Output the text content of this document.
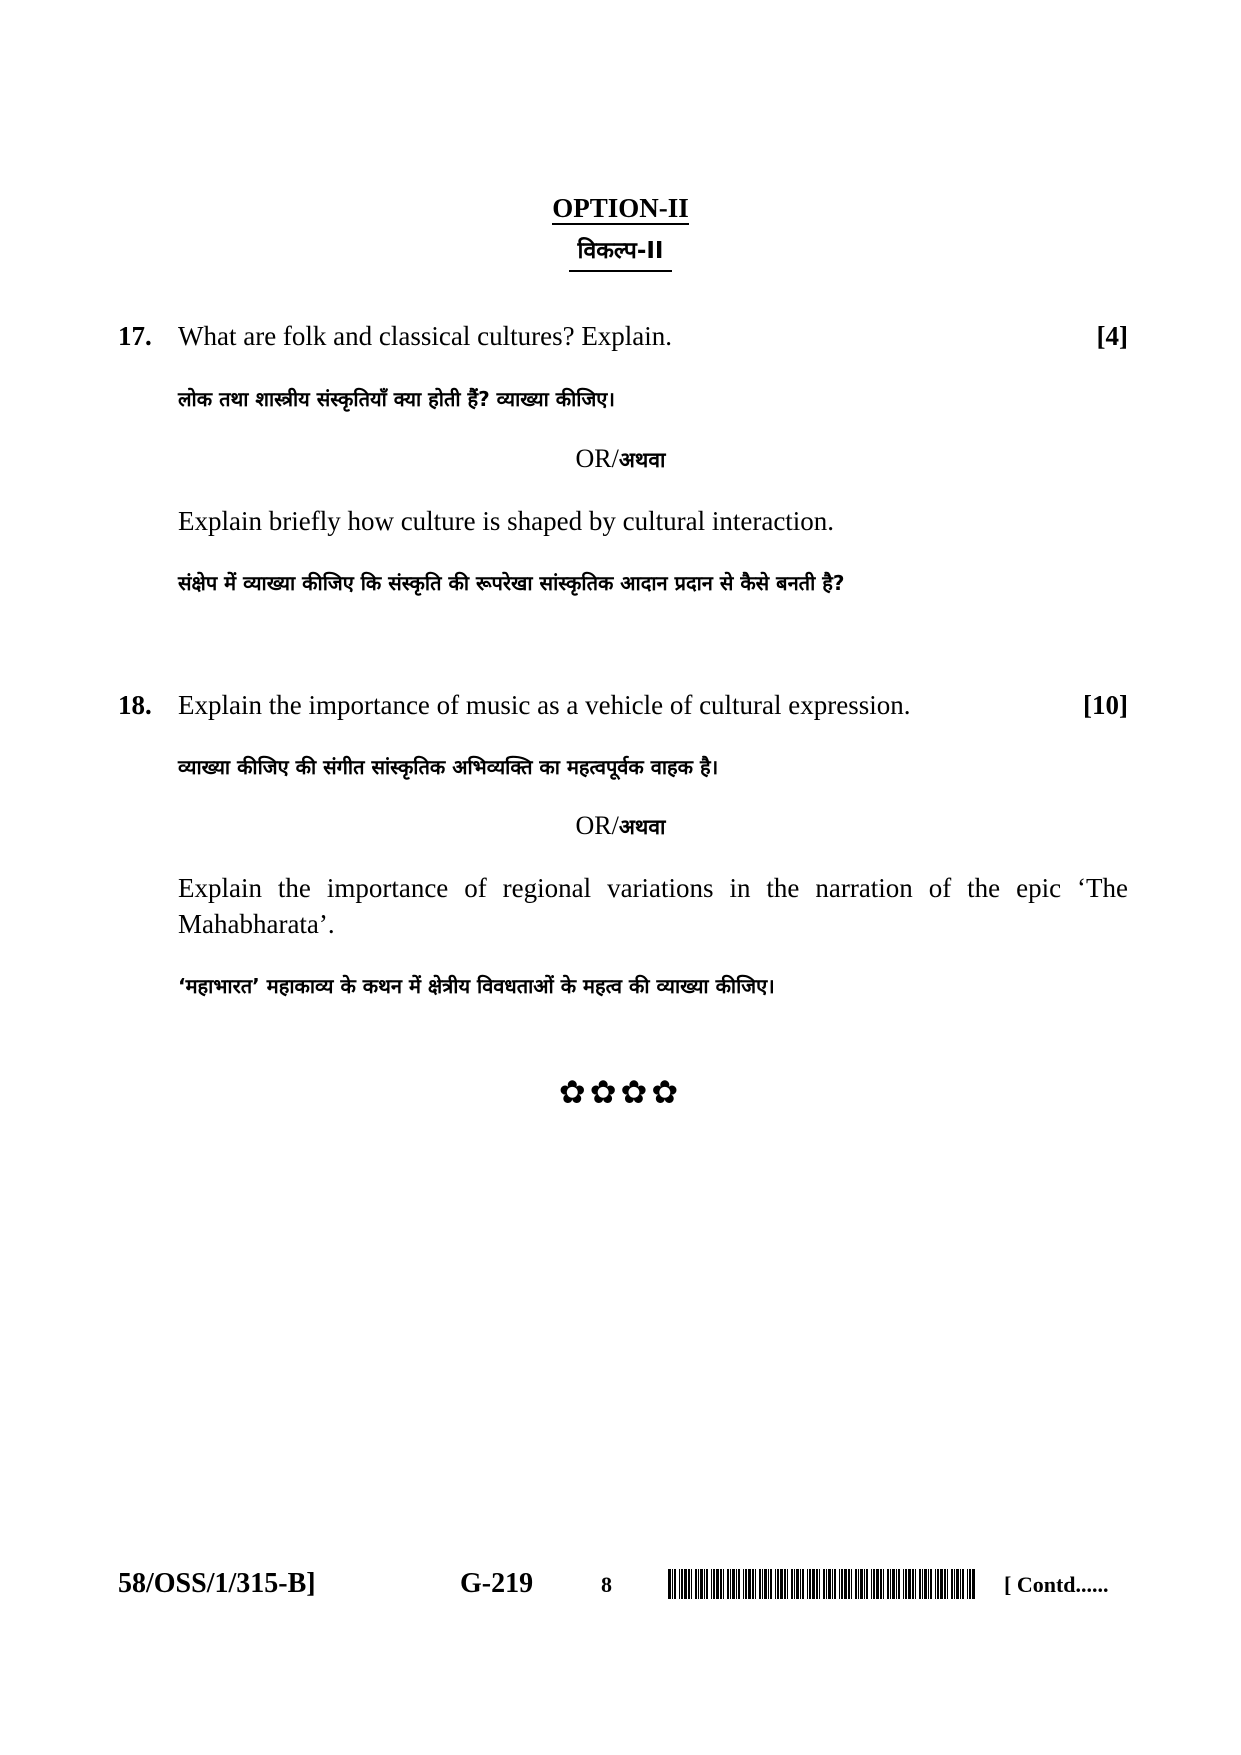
OPTION-II
विकल्प-II
17. What are folk and classical cultures? Explain.	[4]
लोक तथा शास्त्रीय संस्कृतियाँ क्या होती हैं? व्याख्या कीजिए।
OR/अथवा
Explain briefly how culture is shaped by cultural interaction.
संक्षेप में व्याख्या कीजिए कि संस्कृति की रूपरेखा सांस्कृतिक आदान प्रदान से कैसे बनती है?
18. Explain the importance of music as a vehicle of cultural expression.	[10]
व्याख्या कीजिए की संगीत सांस्कृतिक अभिव्यक्ति का महत्वपूर्वक वाहक है।
OR/अथवा
Explain the importance of regional variations in the narration of the epic ‘The Mahabharata’.
‘महाभारत’ महाकाव्य के कथन में क्षेत्रीय विवधताओं के महत्व की व्याख्या कीजिए।
✿✿✿✿
58/OSS/1/315-B]	G-219	8	[ Contd......
